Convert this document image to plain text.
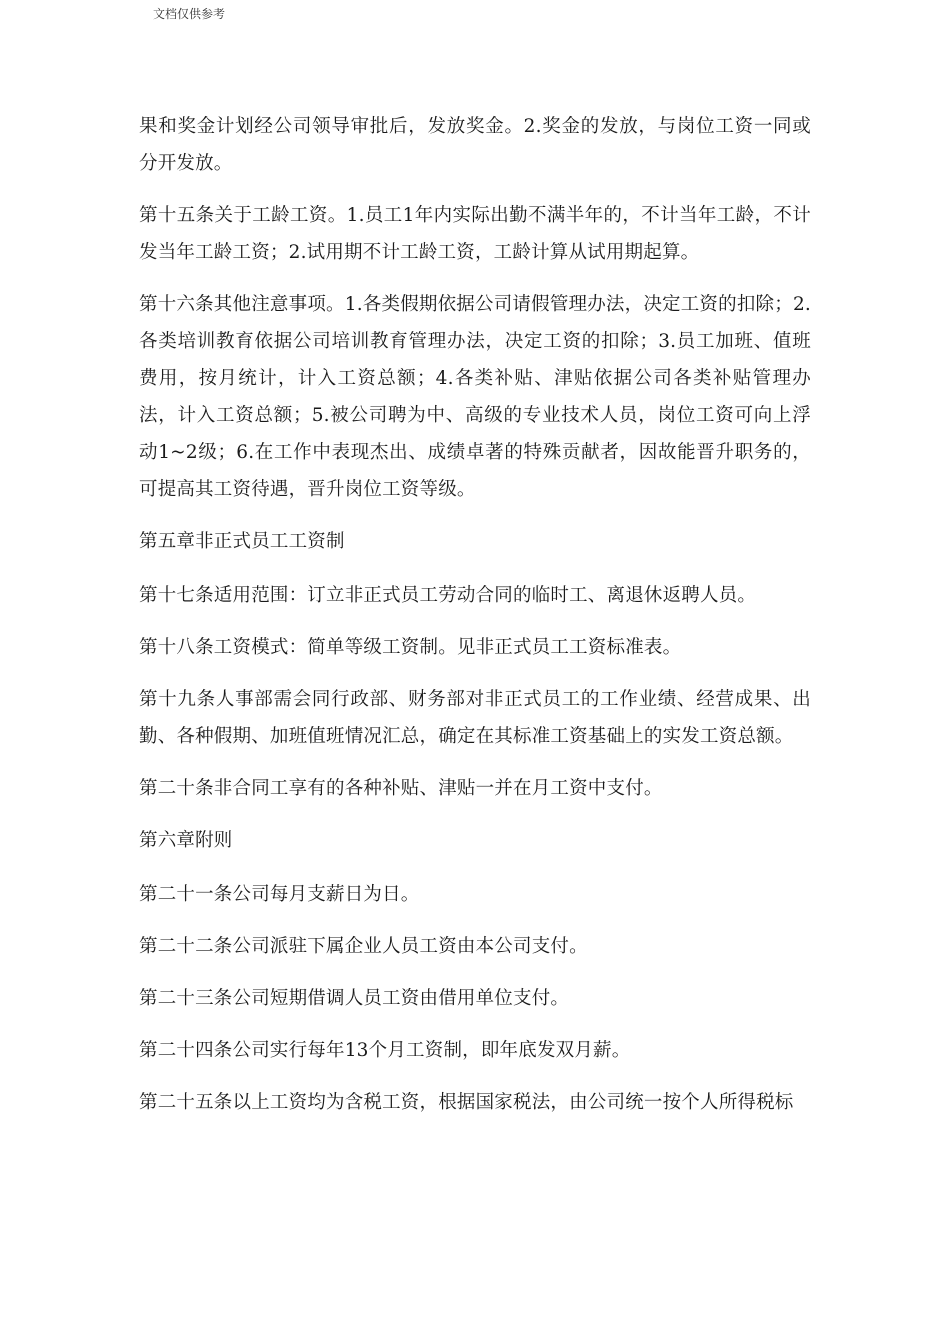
文档仅供参考

果和奖金计划经公司领导审批后，发放奖金。2.奖金的发放，与岗位工资一同或分开发放。

第十五条关于工龄工资。1.员工1年内实际出勤不满半年的，不计当年工龄，不计发当年工龄工资；2.试用期不计工龄工资，工龄计算从试用期起算。

第十六条其他注意事项。1.各类假期依据公司请假管理办法，决定工资的扣除；2.各类培训教育依据公司培训教育管理办法，决定工资的扣除；3.员工加班、值班费用，按月统计，计入工资总额；4.各类补贴、津贴依据公司各类补贴管理办法，计入工资总额；5.被公司聘为中、高级的专业技术人员，岗位工资可向上浮动1~2级；6.在工作中表现杰出、成绩卓著的特殊贡献者，因故能晋升职务的，可提高其工资待遇，晋升岗位工资等级。

第五章非正式员工工资制

第十七条适用范围：订立非正式员工劳动合同的临时工、离退休返聘人员。

第十八条工资模式：简单等级工资制。见非正式员工工资标准表。

第十九条人事部需会同行政部、财务部对非正式员工的工作业绩、经营成果、出勤、各种假期、加班值班情况汇总，确定在其标准工资基础上的实发工资总额。

第二十条非合同工享有的各种补贴、津贴一并在月工资中支付。

第六章附则

第二十一条公司每月支薪日为日。

第二十二条公司派驻下属企业人员工资由本公司支付。

第二十三条公司短期借调人员工资由借用单位支付。

第二十四条公司实行每年13个月工资制，即年底发双月薪。

第二十五条以上工资均为含税工资，根据国家税法，由公司统一按个人所得税标
